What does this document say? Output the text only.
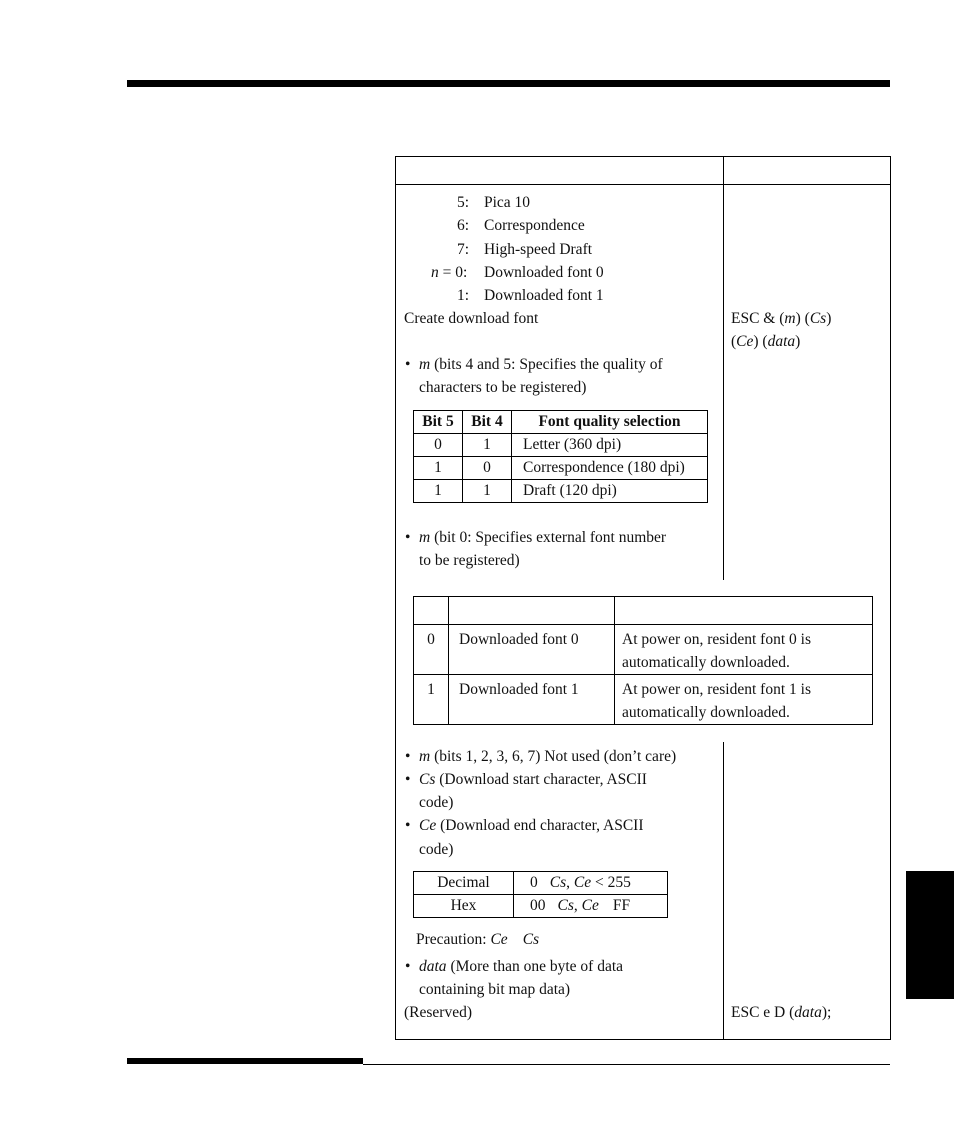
5: Pica 10
6: Correspondence
7: High-speed Draft
n = 0: Downloaded font 0
1: Downloaded font 1
Create download font	ESC & (m) (Cs)
(Ce) (data)
• m (bits 4 and 5: Specifies the quality of
characters to be registered)
Bit 5	Bit 4	Font quality selection
0	1	Letter (360 dpi)
1	0	Correspondence (180 dpi)
1	1	Draft (120 dpi)
• m (bit 0: Specifies external font number
to be registered)

0	Downloaded font 0	At power on, resident font 0 is
automatically downloaded.

1	Downloaded font 1	At power on, resident font 1 is
automatically downloaded.
• m (bits 1, 2, 3, 6, 7) Not used (don’t care)
• Cs (Download start character, ASCII
code)
• Ce (Download end character, ASCII
code)
Decimal	0 Cs, Ce < 255
Hex	00 Cs, Ce FF
Precaution: Ce Cs
• data (More than one byte of data
containing bit map data)
(Reserved)	ESC e D (data);
